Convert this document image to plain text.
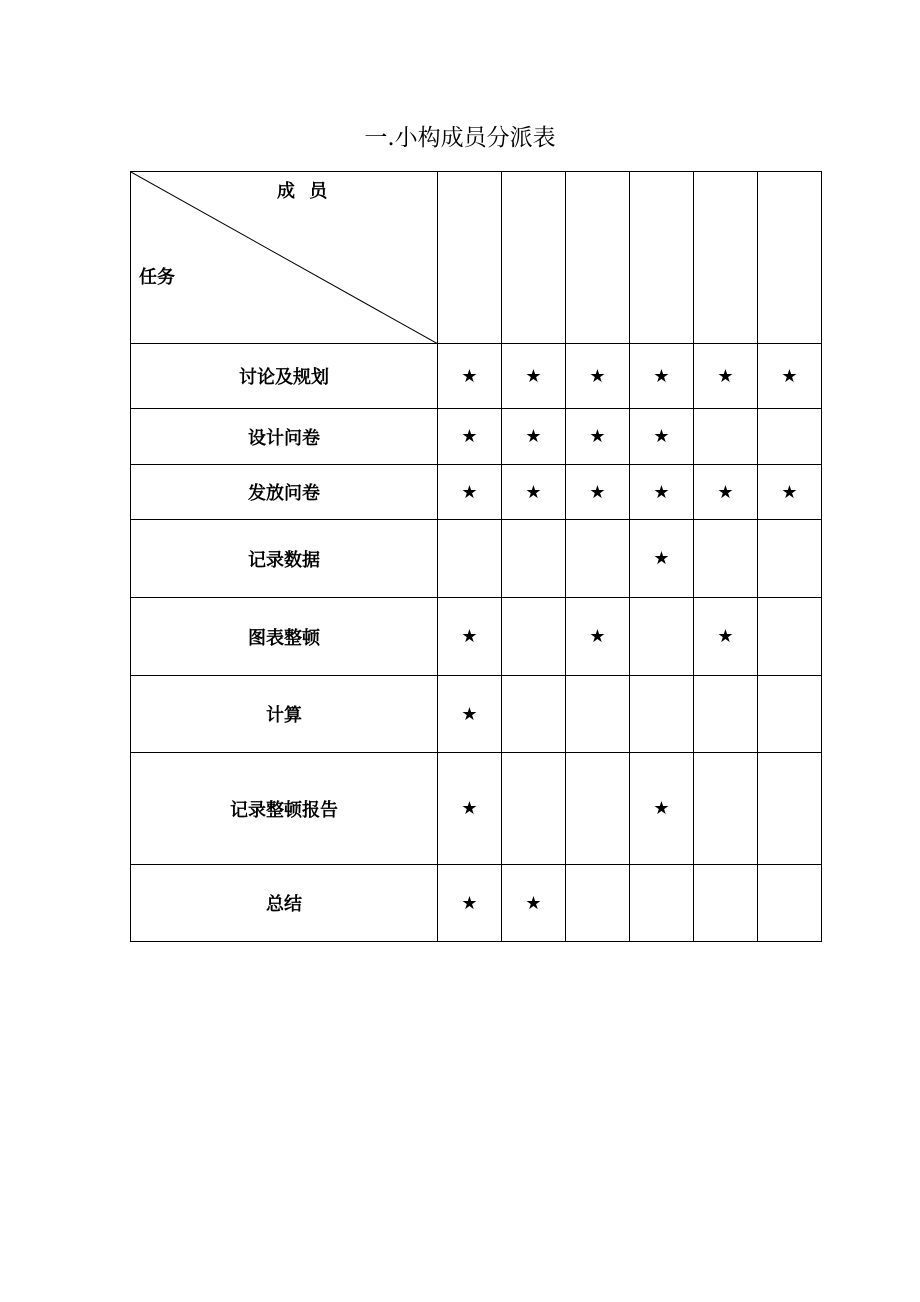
一.小构成员分派表
成 员
任务						

讨论及规划	★	★	★	★	★	★
设计问卷	★	★	★	★		
发放问卷	★	★	★	★	★	★
记录数据				★		
图表整顿	★		★		★	
计算	★					
记录整顿报告	★			★		
总结	★	★				
